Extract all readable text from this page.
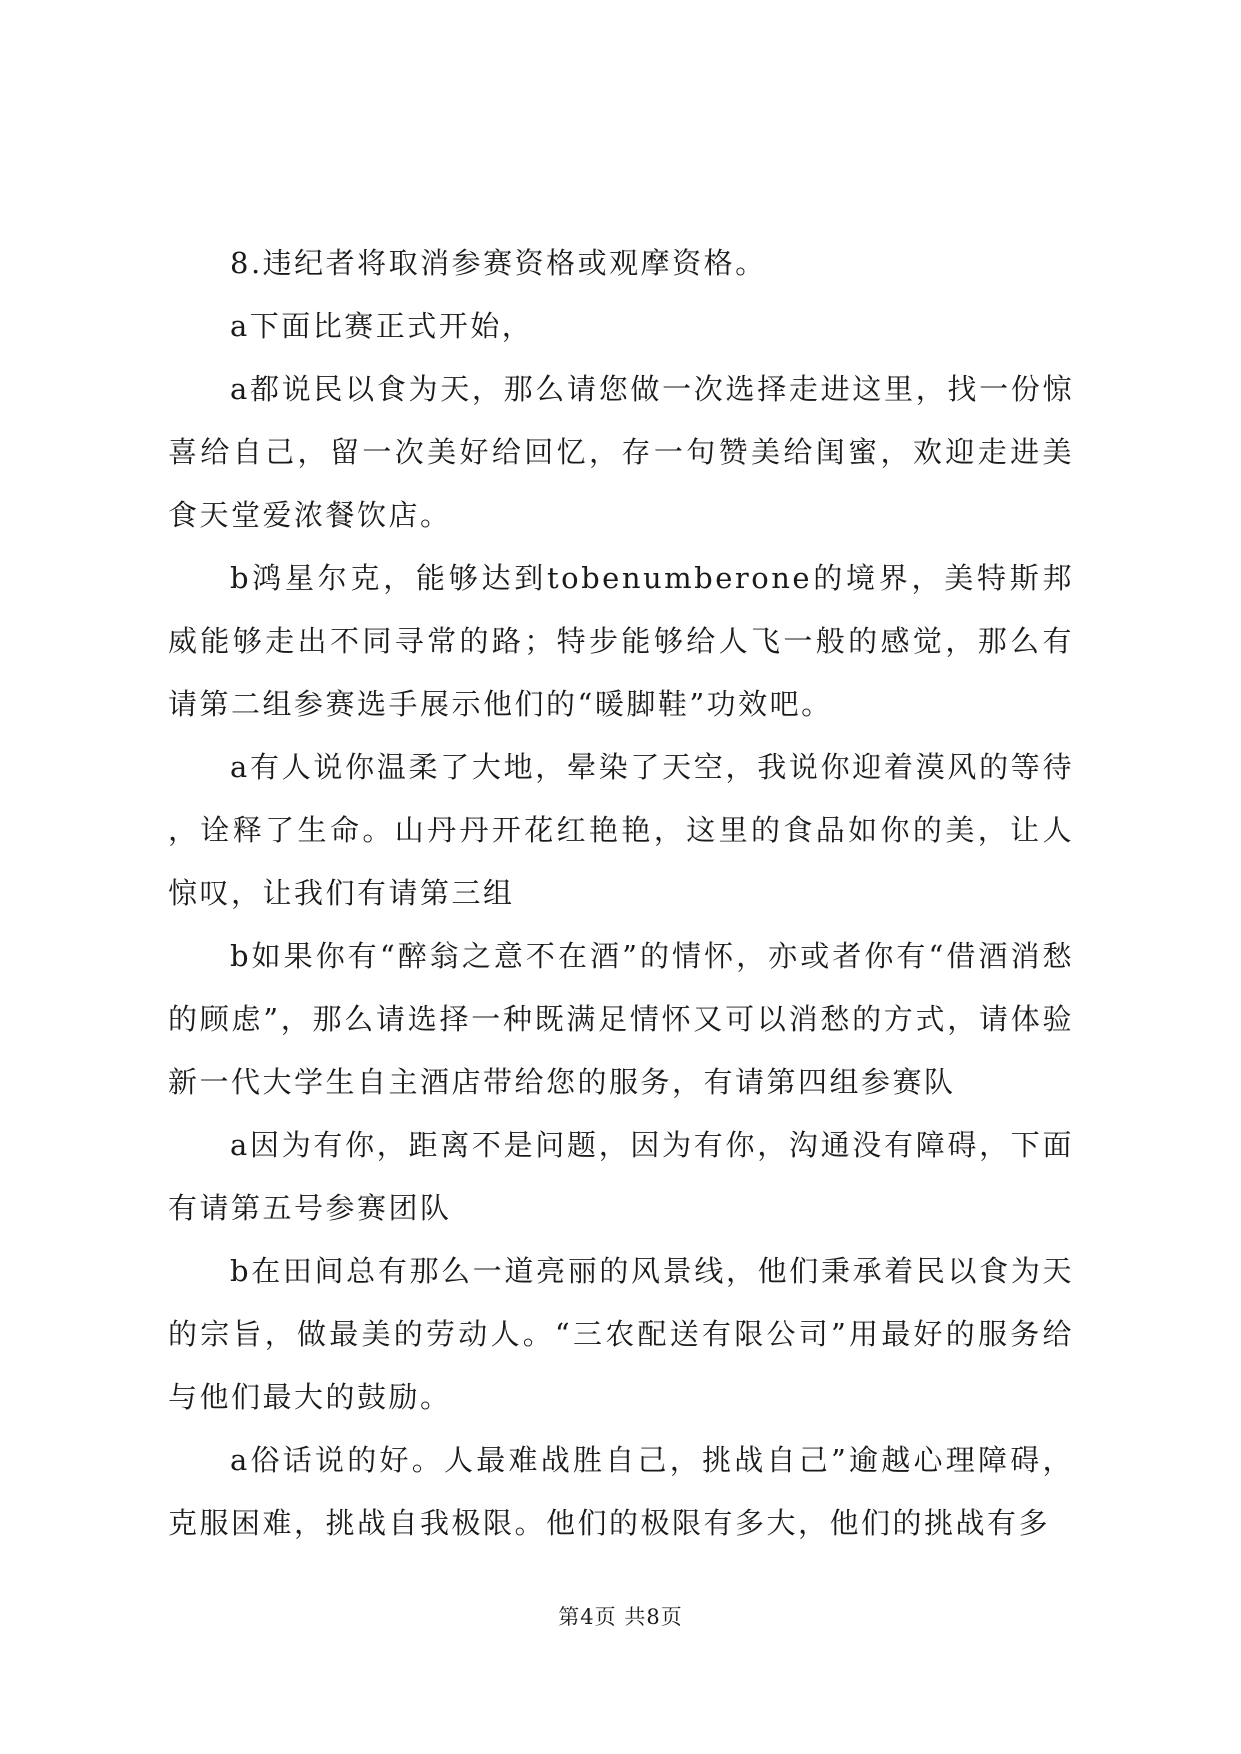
8.违纪者将取消参赛资格或观摩资格。

a下面比赛正式开始，

a都说民以食为天，那么请您做一次选择走进这里，找一份惊喜给自己，留一次美好给回忆，存一句赞美给闺蜜，欢迎走进美食天堂爱浓餐饮店。

b鸿星尔克，能够达到tobenumberone的境界，美特斯邦威能够走出不同寻常的路；特步能够给人飞一般的感觉，那么有请第二组参赛选手展示他们的“暖脚鞋”功效吧。

a有人说你温柔了大地，晕染了天空，我说你迎着漠风的等待，诠释了生命。山丹丹开花红艳艳，这里的食品如你的美，让人惊叹，让我们有请第三组

b如果你有“醉翁之意不在酒”的情怀，亦或者你有“借酒消愁的顾虑”，那么请选择一种既满足情怀又可以消愁的方式，请体验新一代大学生自主酒店带给您的服务，有请第四组参赛队

a因为有你，距离不是问题，因为有你，沟通没有障碍，下面有请第五号参赛团队

b在田间总有那么一道亮丽的风景线，他们秉承着民以食为天的宗旨，做最美的劳动人。“三农配送有限公司”用最好的服务给与他们最大的鼓励。

a俗话说的好。人最难战胜自己，挑战自己”逾越心理障碍，克服困难，挑战自我极限。他们的极限有多大，他们的挑战有多

第4页 共8页
